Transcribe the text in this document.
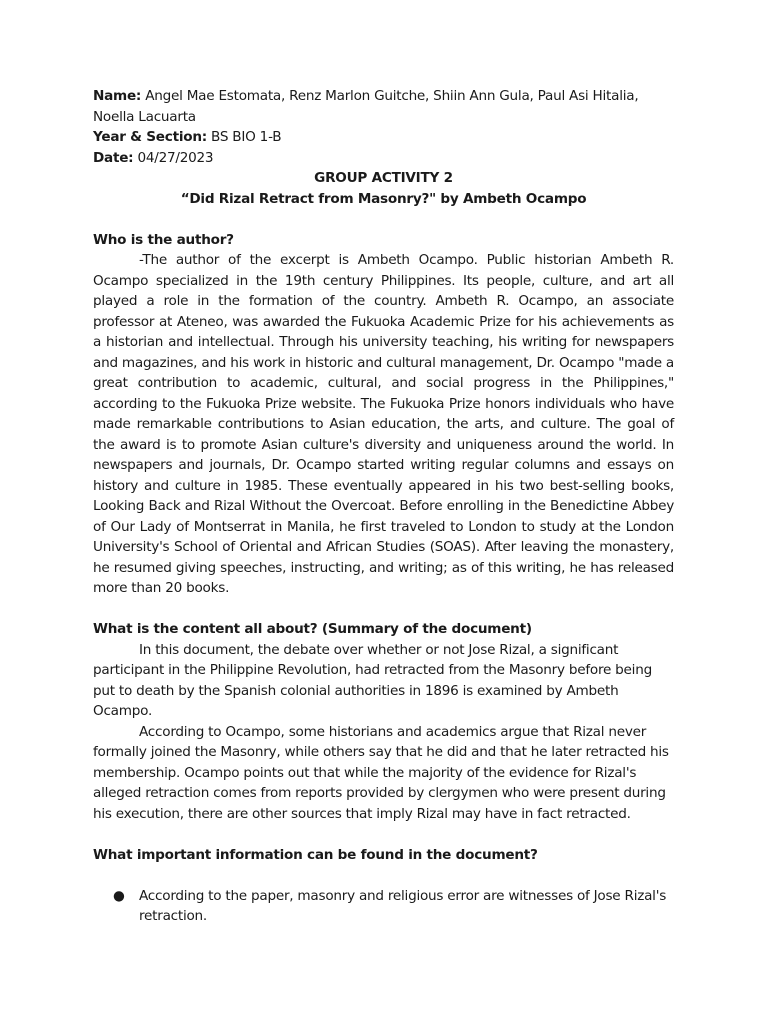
Name: Angel Mae Estomata, Renz Marlon Guitche, Shiin Ann Gula, Paul Asi Hitalia, Noella Lacuarta

Year & Section: BS BIO 1-B

Date: 04/27/2023

GROUP ACTIVITY 2

“Did Rizal Retract from Masonry?" by Ambeth Ocampo

Who is the author?

-The author of the excerpt is Ambeth Ocampo. Public historian Ambeth R. Ocampo specialized in the 19th century Philippines. Its people, culture, and art all played a role in the formation of the country. Ambeth R. Ocampo, an associate professor at Ateneo, was awarded the Fukuoka Academic Prize for his achievements as a historian and intellectual. Through his university teaching, his writing for newspapers and magazines, and his work in historic and cultural management, Dr. Ocampo "made a great contribution to academic, cultural, and social progress in the Philippines," according to the Fukuoka Prize website. The Fukuoka Prize honors individuals who have made remarkable contributions to Asian education, the arts, and culture. The goal of the award is to promote Asian culture's diversity and uniqueness around the world. In newspapers and journals, Dr. Ocampo started writing regular columns and essays on history and culture in 1985. These eventually appeared in his two best-selling books, Looking Back and Rizal Without the Overcoat. Before enrolling in the Benedictine Abbey of Our Lady of Montserrat in Manila, he first traveled to London to study at the London University's School of Oriental and African Studies (SOAS). After leaving the monastery, he resumed giving speeches, instructing, and writing; as of this writing, he has released more than 20 books.

What is the content all about? (Summary of the document)

In this document, the debate over whether or not Jose Rizal, a significant participant in the Philippine Revolution, had retracted from the Masonry before being put to death by the Spanish colonial authorities in 1896 is examined by Ambeth Ocampo.

According to Ocampo, some historians and academics argue that Rizal never formally joined the Masonry, while others say that he did and that he later retracted his membership. Ocampo points out that while the majority of the evidence for Rizal's alleged retraction comes from reports provided by clergymen who were present during his execution, there are other sources that imply Rizal may have in fact retracted.

What important information can be found in the document?

● According to the paper, masonry and religious error are witnesses of Jose Rizal's retraction.
